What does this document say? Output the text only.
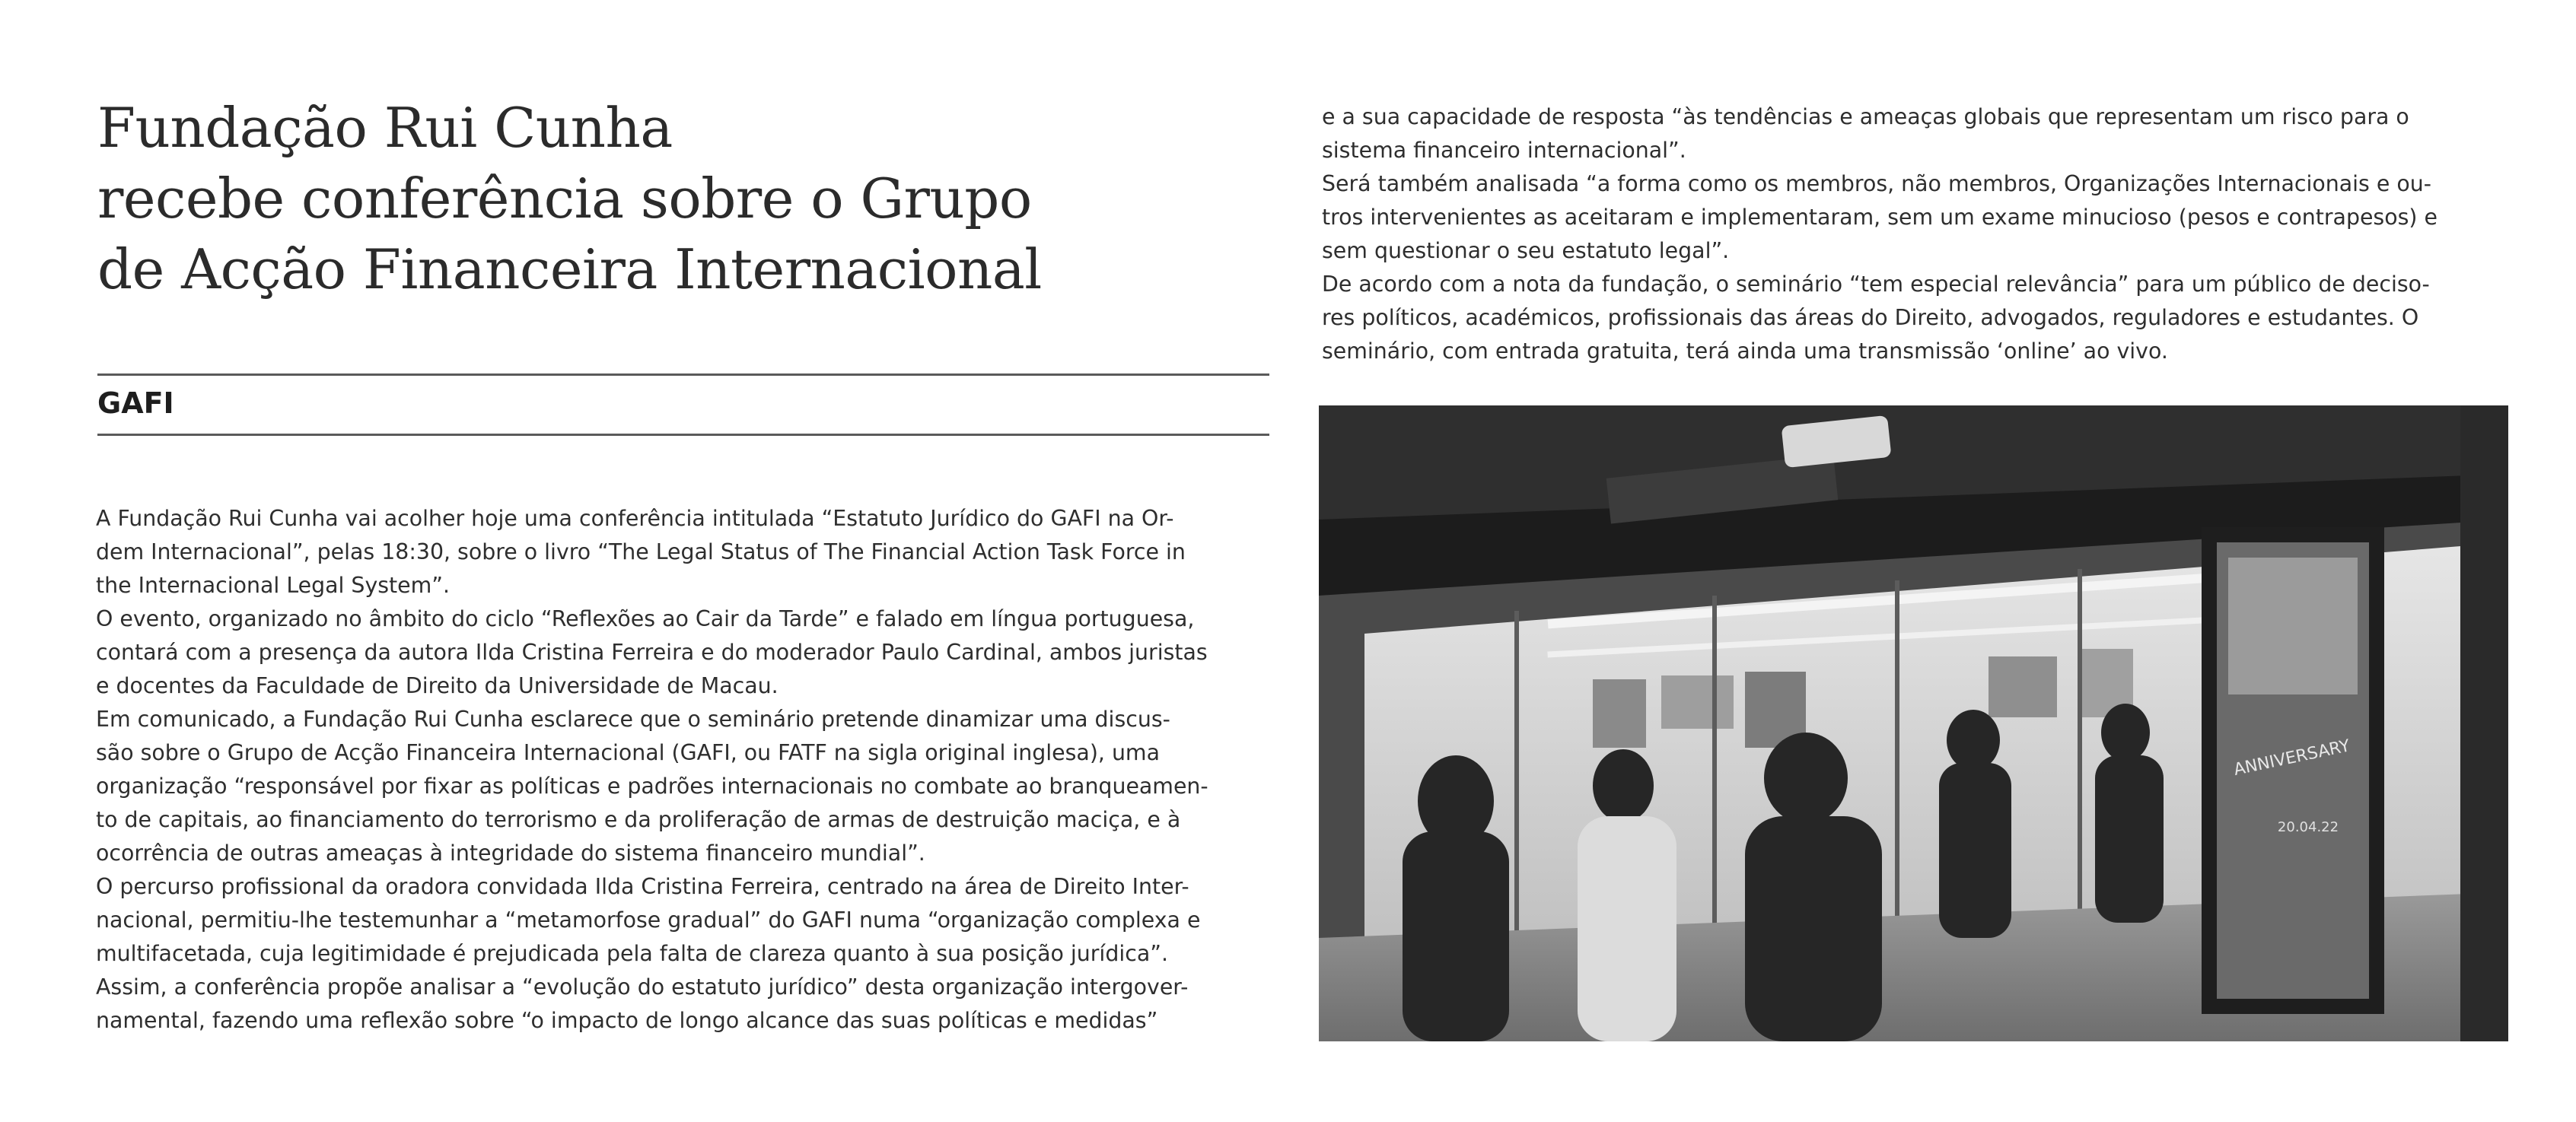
Fundação Rui Cunha
recebe conferência sobre o Grupo
de Acção Financeira Internacional
GAFI
A Fundação Rui Cunha vai acolher hoje uma conferência intitulada “Estatuto Jurídico do GAFI na Or-
dem Internacional”, pelas 18:30, sobre o livro “The Legal Status of The Financial Action Task Force in
the Internacional Legal System”.
O evento, organizado no âmbito do ciclo “Reflexões ao Cair da Tarde” e falado em língua portuguesa,
contará com a presença da autora Ilda Cristina Ferreira e do moderador Paulo Cardinal, ambos juristas
e docentes da Faculdade de Direito da Universidade de Macau.
Em comunicado, a Fundação Rui Cunha esclarece que o seminário pretende dinamizar uma discus-
são sobre o Grupo de Acção Financeira Internacional (GAFI, ou FATF na sigla original inglesa), uma
organização “responsável por fixar as políticas e padrões internacionais no combate ao branqueamen-
to de capitais, ao financiamento do terrorismo e da proliferação de armas de destruição maciça, e à
ocorrência de outras ameaças à integridade do sistema financeiro mundial”.
O percurso profissional da oradora convidada Ilda Cristina Ferreira, centrado na área de Direito Inter-
nacional, permitiu-lhe testemunhar a “metamorfose gradual” do GAFI numa “organização complexa e
multifacetada, cuja legitimidade é prejudicada pela falta de clareza quanto à sua posição jurídica”.
Assim, a conferência propõe analisar a “evolução do estatuto jurídico” desta organização intergover-
namental, fazendo uma reflexão sobre “o impacto de longo alcance das suas políticas e medidas”
e a sua capacidade de resposta “às tendências e ameaças globais que representam um risco para o
sistema financeiro internacional”.
Será também analisada “a forma como os membros, não membros, Organizações Internacionais e ou-
tros intervenientes as aceitaram e implementaram, sem um exame minucioso (pesos e contrapesos) e
sem questionar o seu estatuto legal”.
De acordo com a nota da fundação, o seminário “tem especial relevância” para um público de deciso-
res políticos, académicos, profissionais das áreas do Direito, advogados, reguladores e estudantes. O
seminário, com entrada gratuita, terá ainda uma transmissão ‘online’ ao vivo.
ANNIVERSARY
20.04.22
